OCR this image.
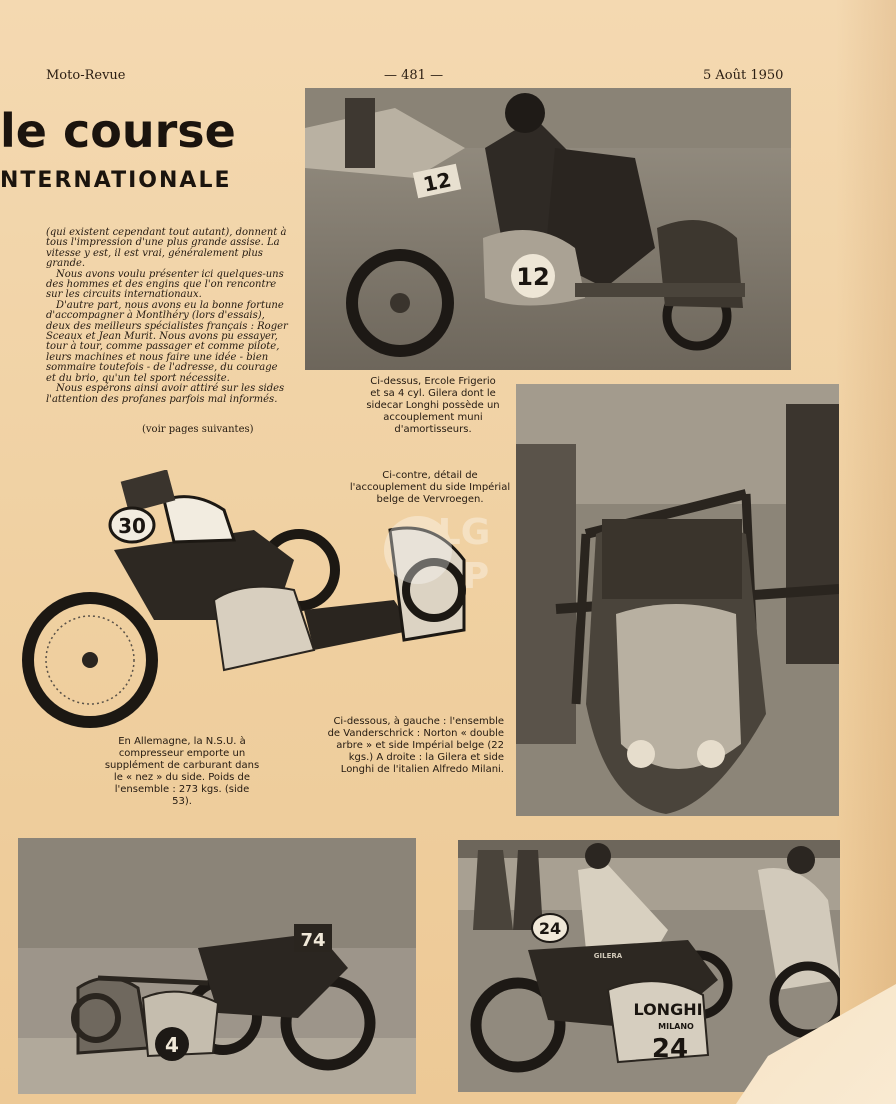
Moto-Revue	— 481 —	5 Août 1950
le course
NTERNATIONALE

(qui existent cependant tout autant), donnent à tous l'impression d'une plus grande assise. La vitesse y est, il est vrai, généralement plus grande.

Nous avons voulu présenter ici quelques-uns des hommes et des engins que l'on rencontre sur les circuits internationaux.

D'autre part, nous avons eu la bonne fortune d'accompagner à Montlhéry (lors d'essais), deux des meilleurs spécialistes français : Roger Sceaux et Jean Murit. Nous avons pu essayer, tour à tour, comme passager et comme pilote, leurs machines et nous faire une idée - bien sommaire toutefois - de l'adresse, du courage et du brio, qu'un tel sport nécessite.

Nous espérons ainsi avoir attiré sur les sides l'attention des profanes parfois mal informés.

(voir pages suivantes)
12
12
Ci-dessus, Ercole Frigerio et sa 4 cyl. Gilera dont le sidecar Longhi possède un accouplement muni d'amortisseurs.
Ci-contre, détail de l'accouplement du side Impérial belge de Vervroegen.
30	LG
P
En Allemagne, la N.S.U. à compresseur emporte un supplément de carburant dans le « nez » du side. Poids de l'ensemble : 273 kgs. (side 53).
Ci-dessous, à gauche : l'ensemble de Vanderschrick : Norton « double arbre » et side Impérial belge (22 kgs.) A droite : la Gilera et side Longhi de l'italien Alfredo Milani.
4
74
LONGHI
MILANO
24
GILERA
24
